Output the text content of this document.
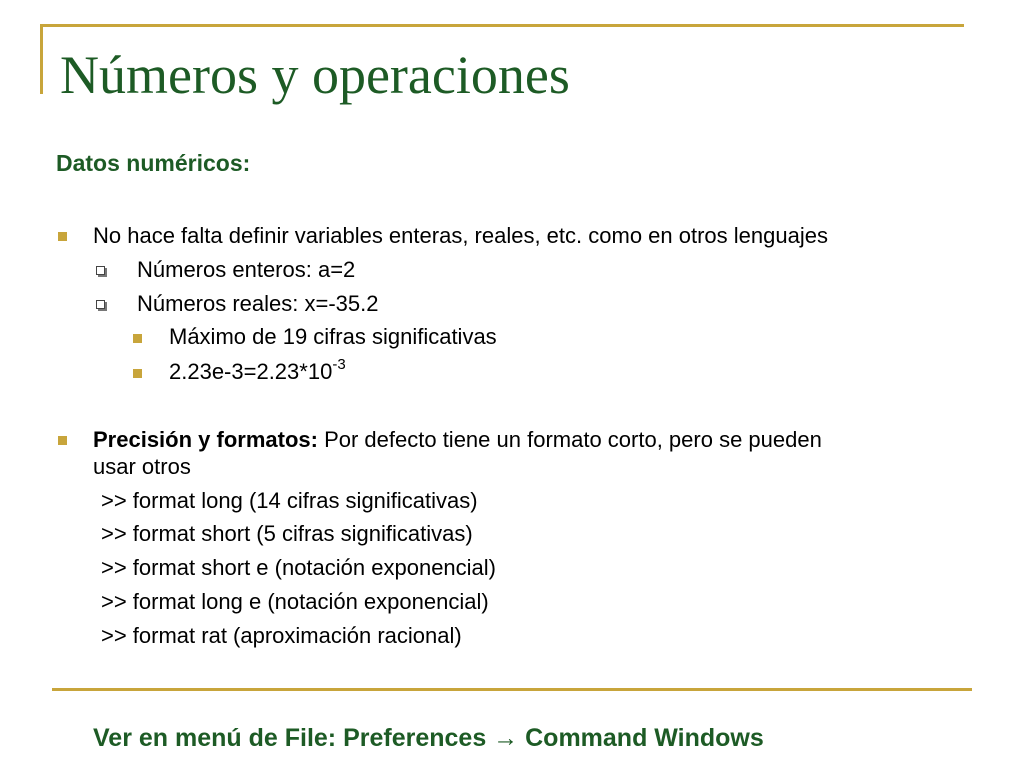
Números y operaciones
Datos numéricos:
No hace falta definir variables enteras, reales, etc. como en otros lenguajes
Números enteros: a=2
Números reales: x=-35.2
Máximo de 19 cifras significativas
$2.23e-3=2.23*10^{-3}$
Precisión y formatos: Por defecto tiene un formato corto, pero se pueden
usar otros
>> format long (14 cifras significativas)
>> format short (5 cifras significativas)
>> format short e (notación exponencial)
>> format long e (notación exponencial)
>> format rat (aproximación racional)
Ver en menú de File: Preferences → Command Windows
